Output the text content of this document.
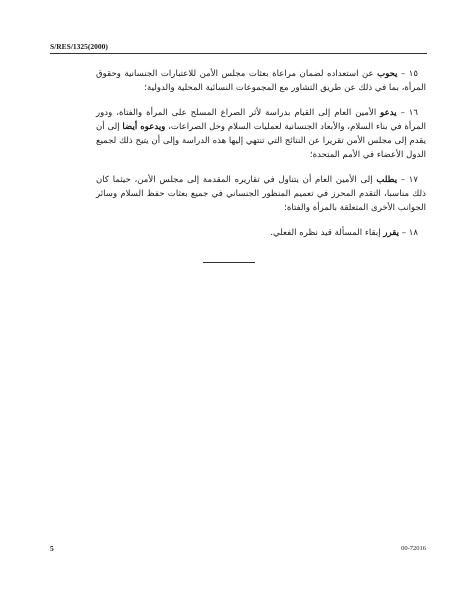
S/RES/1325(2000)

١٥ – يحوب عن استعداده لضمان مراعاة بعثات مجلس الأمن للاعتبارات الجنسانية وحقوق المرأة، بما في ذلك عن طريق التشاور مع المجموعات النسائية المحلية والدولية؛

١٦ – يدعو الأمين العام إلى القيام بدراسة لأثر الصراع المسلح على المرأة والفتاة، ودور المرأة في بناء السلام، والأبعاد الجنسانية لعمليات السلام وحل الصراعات، ويدعوه أيضا إلى أن يقدم إلى مجلس الأمن تقريرا عن النتائج التي تنتهي إليها هذه الدراسة وإلى أن يتيح ذلك لجميع الدول الأعضاء في الأمم المتحدة؛

١٧ – يطلب إلى الأمين العام أن يتناول في تقاريره المقدمة إلى مجلس الأمن، حيثما كان ذلك مناسبا، التقدم المحرز في تعميم المنظور الجنساني في جميع بعثات حفظ السلام وسائر الجوانب الأخرى المتعلقة بالمرأة والفتاة؛

١٨ – يقرر إبقاء المسألة قيد نظره الفعلي.

5	00-72016
